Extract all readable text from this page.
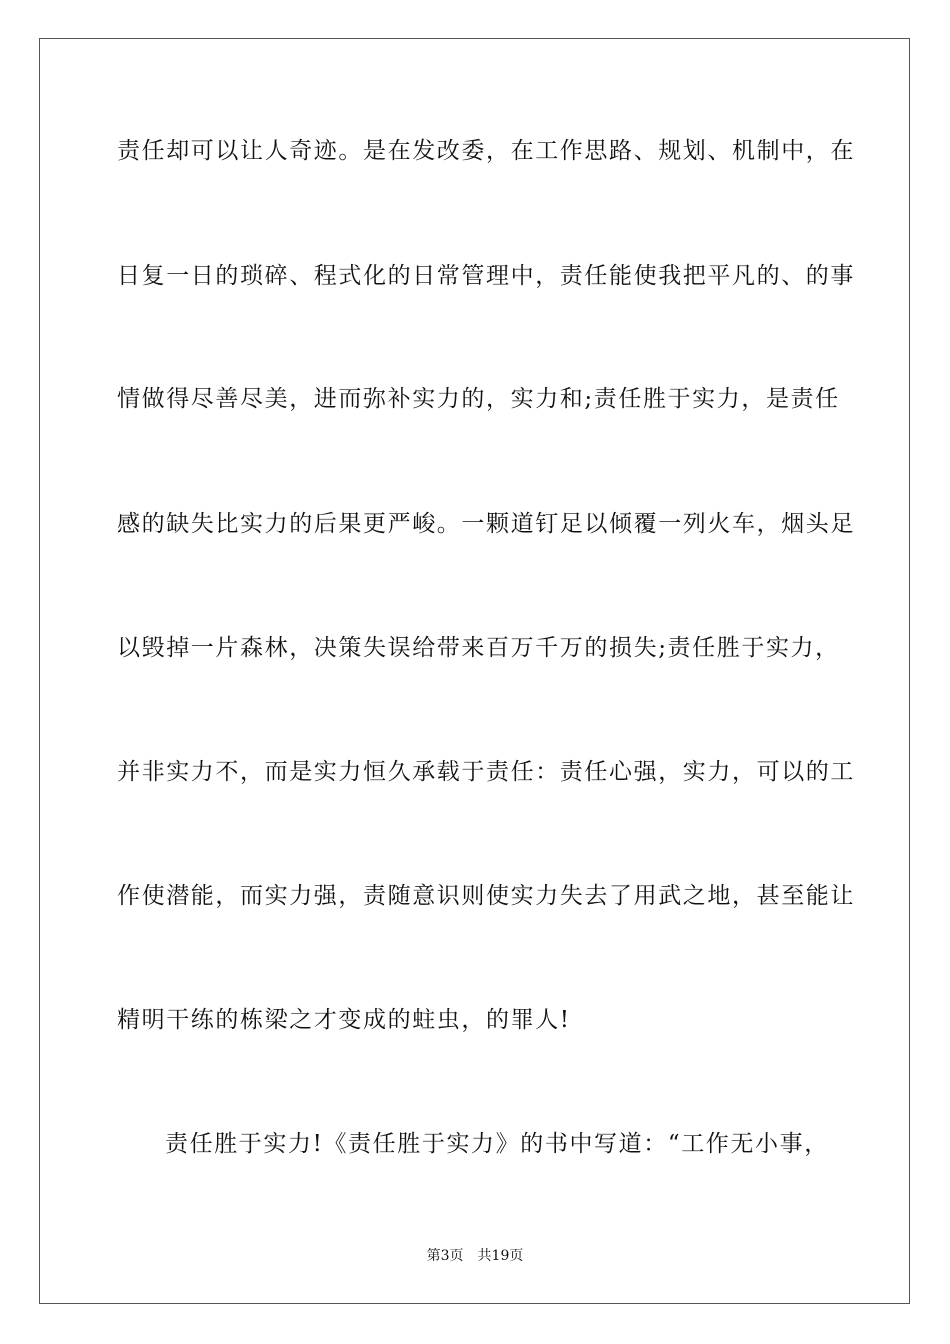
责任却可以让人奇迹。是在发改委，在工作思路、规划、机制中，在
日复一日的琐碎、程式化的日常管理中，责任能使我把平凡的、的事
情做得尽善尽美，进而弥补实力的，实力和;责任胜于实力，是责任
感的缺失比实力的后果更严峻。一颗道钉足以倾覆一列火车，烟头足
以毁掉一片森林，决策失误给带来百万千万的损失;责任胜于实力，
并非实力不，而是实力恒久承载于责任：责任心强，实力，可以的工
作使潜能，而实力强，责随意识则使实力失去了用武之地，甚至能让
精明干练的栋梁之才变成的蛀虫，的罪人!
责任胜于实力!《责任胜于实力》的书中写道：“工作无小事，
第3页 共19页
